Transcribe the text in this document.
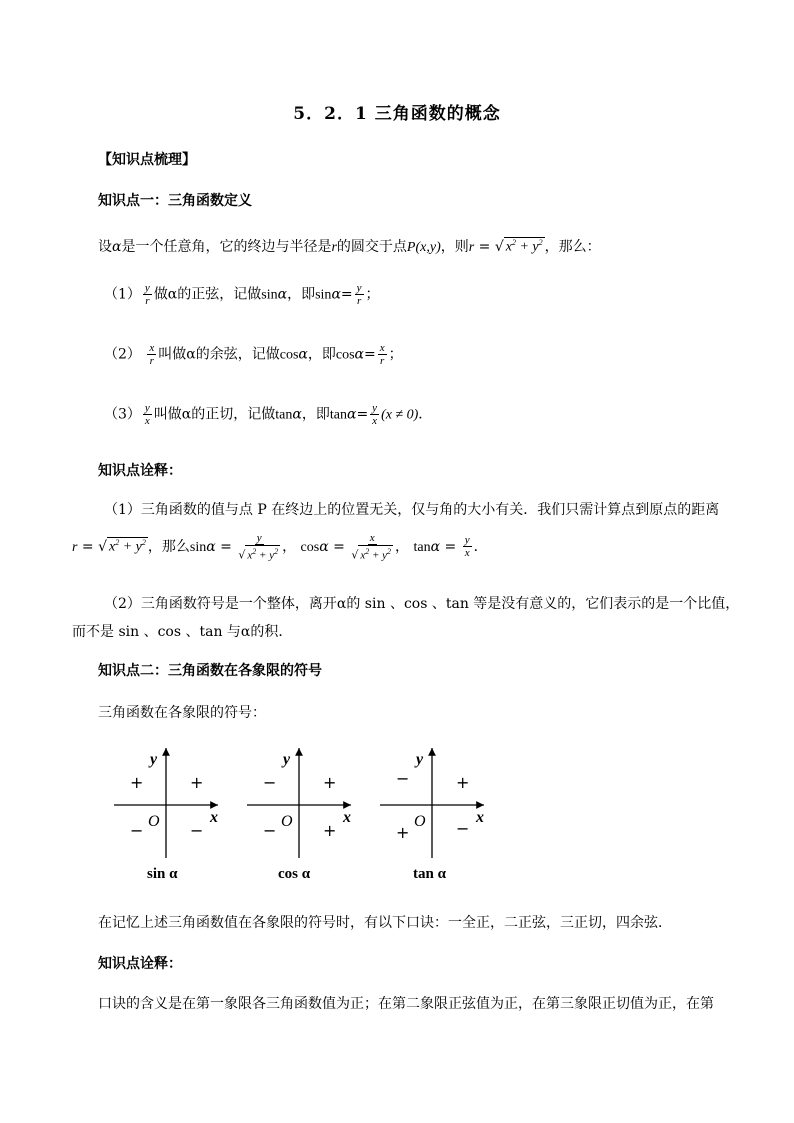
5．2．1 三角函数的概念
【知识点梳理】
知识点一：三角函数定义
设α是一个任意角，它的终边与半径是r的圆交于点P(x,y)，则r = √ $x^2 + y^2$ ，那么：
$(1) \frac{y}{r}$ 做α的正弦，记做sinα，即$\sin\alpha= \frac{y}{r}$ ；
$(2) \frac{x}{r}$ 叫做α的余弦，记做cosα，即$\cos\alpha= \frac{x}{r}$ ；
$(3) \frac{y}{x}$ 叫做α的正切，记做tanα，即$\tan\alpha= \frac{y}{x} (x \ne 0)$．
知识点诠释：
（1）三角函数的值与点 P 在终边上的位置无关，仅与角的大小有关．我们只需计算点到原点的距离
r = √ $x^2 + y^2$ ，那么$\sin\alpha = \frac{y}{√ x^2 + y^2}$ ， $\cos\alpha = \frac{x}{√ x^2 + y^2}$ ， $\tan\alpha = \frac{y}{x}$ ．
（2）三角函数符号是一个整体，离开α的 sin 、cos 、tan 等是没有意义的，它们表示的是一个比值，
而不是 sin 、cos 、tan 与α的积．
知识点二：三角函数在各象限的符号
三角函数在各象限的符号：
y
x
O
+
+
−	−
sin α
y
x
O
+
−
−	+
cos α
y
x
O
+
−
+	−
tan α
在记忆上述三角函数值在各象限的符号时，有以下口诀：一全正，二正弦，三正切，四余弦．
知识点诠释：
口诀的含义是在第一象限各三角函数值为正；在第二象限正弦值为正，在第三象限正切值为正，在第
